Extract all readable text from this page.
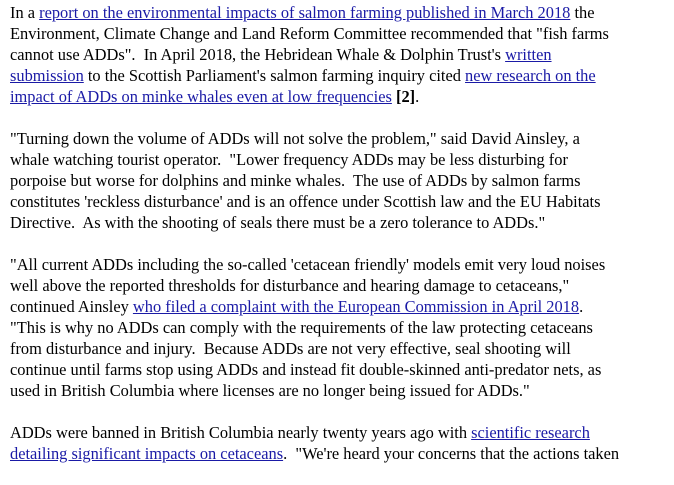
In a report on the environmental impacts of salmon farming published in March 2018 the
Environment, Climate Change and Land Reform Committee recommended that "fish farms
cannot use ADDs".  In April 2018, the Hebridean Whale & Dolphin Trust's written
submission to the Scottish Parliament's salmon farming inquiry cited new research on the
impact of ADDs on minke whales even at low frequencies [2].

"Turning down the volume of ADDs will not solve the problem," said David Ainsley, a
whale watching tourist operator.  "Lower frequency ADDs may be less disturbing for
porpoise but worse for dolphins and minke whales.  The use of ADDs by salmon farms
constitutes 'reckless disturbance' and is an offence under Scottish law and the EU Habitats
Directive.  As with the shooting of seals there must be a zero tolerance to ADDs."

"All current ADDs including the so-called 'cetacean friendly' models emit very loud noises
well above the reported thresholds for disturbance and hearing damage to cetaceans,"
continued Ainsley who filed a complaint with the European Commission in April 2018.
"This is why no ADDs can comply with the requirements of the law protecting cetaceans
from disturbance and injury.  Because ADDs are not very effective, seal shooting will
continue until farms stop using ADDs and instead fit double-skinned anti-predator nets, as
used in British Columbia where licenses are no longer being issued for ADDs."

ADDs were banned in British Columbia nearly twenty years ago with scientific research
detailing significant impacts on cetaceans.  "We're heard your concerns that the actions taken
